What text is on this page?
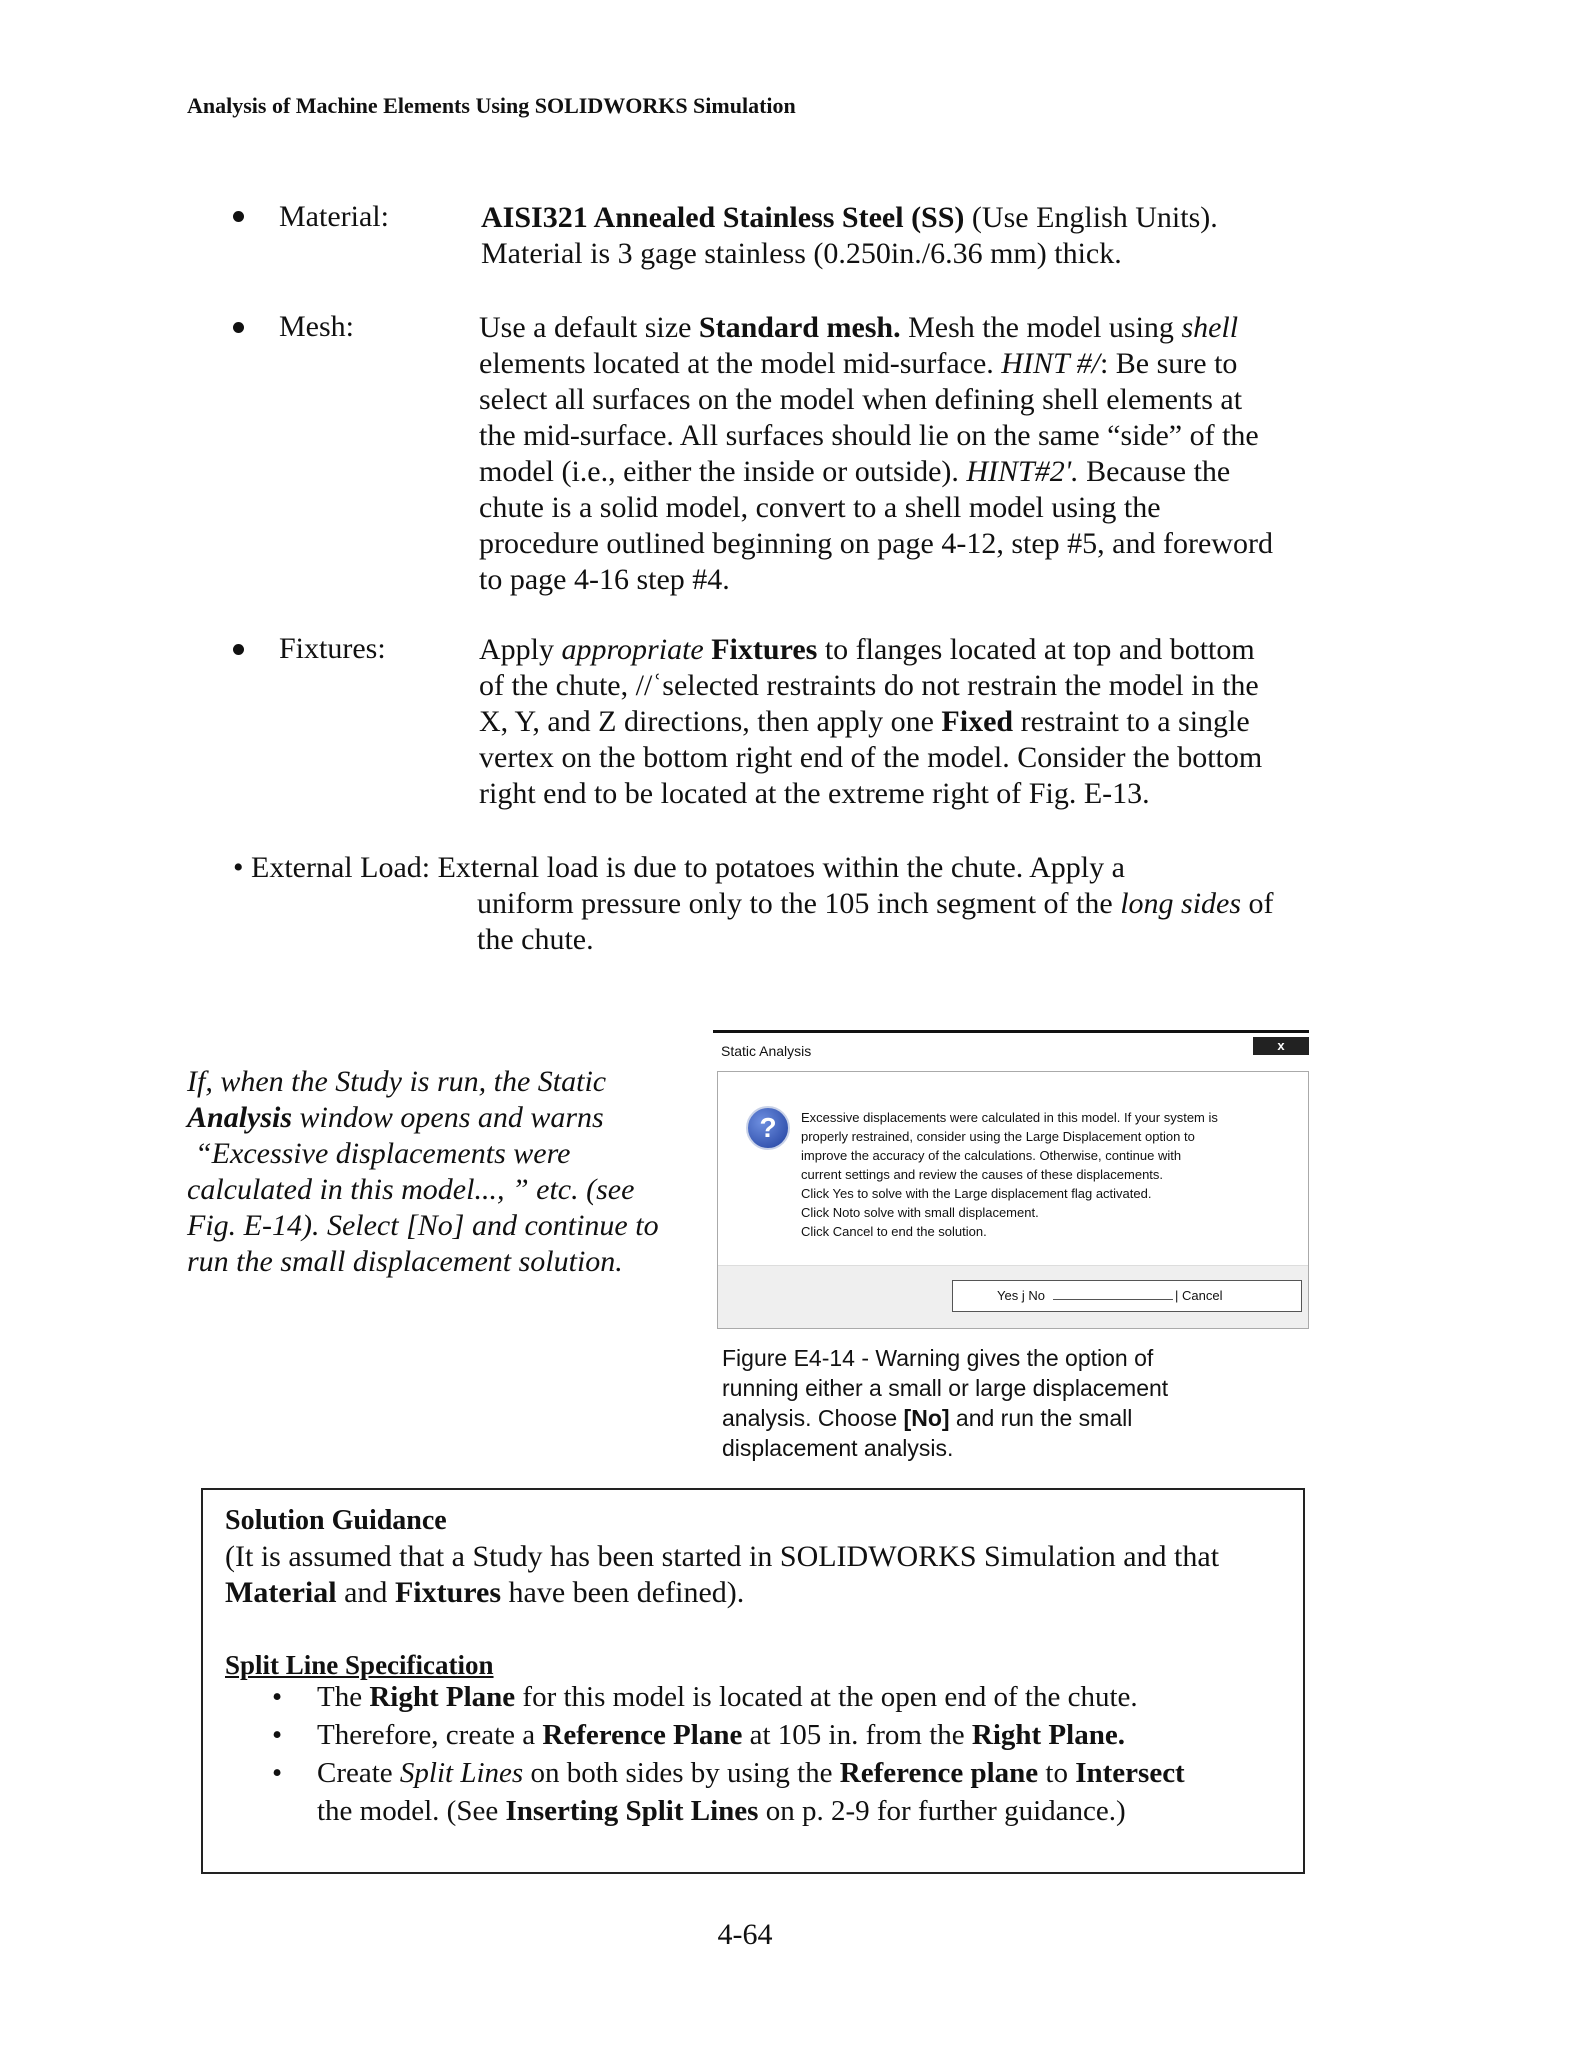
Analysis of Machine Elements Using SOLIDWORKS Simulation
Material:	AISI321 Annealed Stainless Steel (SS) (Use English Units).

Material is 3 gage stainless (0.250in./6.36 mm) thick.

Mesh:	Use a default size Standard mesh. Mesh the model using shell

elements located at the model mid-surface. HINT #/: Be sure to

select all surfaces on the model when defining shell elements at

the mid-surface. All surfaces should lie on the same “side” of the

model (i.e., either the inside or outside). HINT#2'. Because the

chute is a solid model, convert to a shell model using the

procedure outlined beginning on page 4-12, step #5, and foreword

to page 4-16 step #4.

Fixtures:	Apply appropriate Fixtures to flanges located at top and bottom

of the chute, //ʿselected restraints do not restrain the model in the

X, Y, and Z directions, then apply one Fixed restraint to a single

vertex on the bottom right end of the model. Consider the bottom

right end to be located at the extreme right of Fig. E-13.

• External Load: External load is due to potatoes within the chute. Apply a

uniform pressure only to the 105 inch segment of the long sides of

the chute.

If, when the Study is run, the Static

Analysis window opens and warns

“Excessive displacements were

calculated in this model..., ” etc. (see

Fig. E-14). Select [No] and continue to

run the small displacement solution.

Static Analysis	x
?	Excessive displacements were calculated in this model. If your system is

properly restrained, consider using the Large Displacement option to

improve the accuracy of the calculations. Otherwise, continue with

current settings and review the causes of these displacements.

Click Yes to solve with the Large displacement flag activated.

Click Noto solve with small displacement.

Click Cancel to end the solution.

Yes j No	| Cancel

Figure E4-14 - Warning gives the option of

running either a small or large displacement

analysis. Choose [No] and run the small

displacement analysis.

Solution Guidance

(It is assumed that a Study has been started in SOLIDWORKS Simulation and that

Material and Fixtures have been defined).

Split Line Specification

• The Right Plane for this model is located at the open end of the chute.

• Therefore, create a Reference Plane at 105 in. from the Right Plane.

• Create Split Lines on both sides by using the Reference plane to Intersect

the model. (See Inserting Split Lines on p. 2-9 for further guidance.)

4-64
